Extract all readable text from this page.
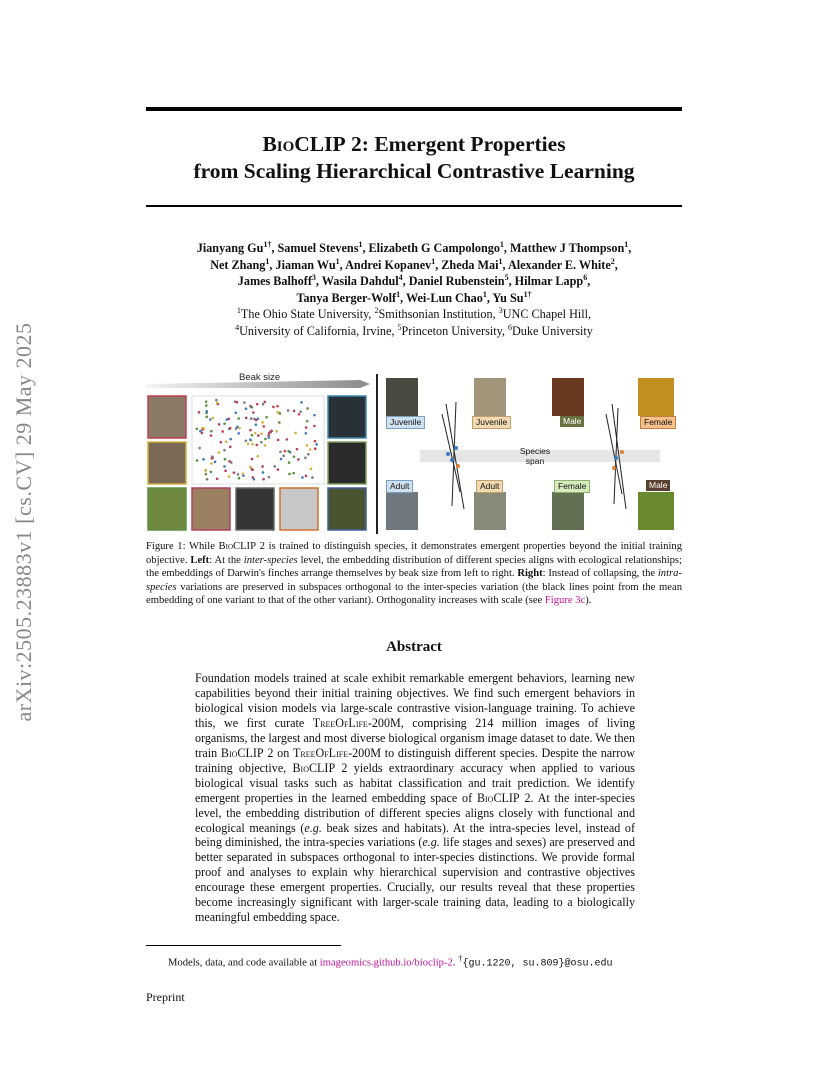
arXiv:2505.23883v1 [cs.CV] 29 May 2025
BioCLIP 2: Emergent Properties
from Scaling Hierarchical Contrastive Learning
Jianyang $Gu^{1\dagger}$, Samuel Stevens$^1$, Elizabeth G Campolongo$^1$, Matthew J Thompson$^1$,
Net Zhang$^1$, Jiaman Wu$^1$, Andrei Kopanev$^1$, Zheda Mai$^1$, Alexander E. White$^2$,
James Balhoff$^3$, Wasila Dahdul$^4$, Daniel Rubenstein$^5$, Hilmar Lapp$^6$,
Tanya Berger-Wolf$^1$, Wei-Lun Chao$^1$, Yu $Su^{1\dagger}$
$^1$The Ohio State University, $^2$Smithsonian Institution, $^3$UNC Chapel Hill,
$^4$University of California, Irvine, $^5$Princeton University, $^6$Duke University
Beak size
Juvenile	Juvenile	Male	Female
Adult	Adult	Female	Male
Species span
Figure 1: While BioCLIP 2 is trained to distinguish species, it demonstrates emergent properties beyond the initial training objective. Left: At the inter-species level, the embedding distribution of different species aligns with ecological relationships; the embeddings of Darwin's finches arrange themselves by beak size from left to right. Right: Instead of collapsing, the intra-species variations are preserved in subspaces orthogonal to the inter-species variation (the black lines point from the mean embedding of one variant to that of the other variant). Orthogonality increases with scale (see Figure 3c).
Abstract
Foundation models trained at scale exhibit remarkable emergent behaviors, learning new capabilities beyond their initial training objectives. We find such emergent behaviors in biological vision models via large-scale contrastive vision-language training. To achieve this, we first curate TreeOfLife-200M, comprising 214 million images of living organisms, the largest and most diverse biological organism image dataset to date. We then train BioCLIP 2 on TreeOfLife-200M to distinguish different species. Despite the narrow training objective, BioCLIP 2 yields extraordinary accuracy when applied to various biological visual tasks such as habitat classification and trait prediction. We identify emergent properties in the learned embedding space of BioCLIP 2. At the inter-species level, the embedding distribution of different species aligns closely with functional and ecological meanings (e.g. beak sizes and habitats). At the intra-species level, instead of being diminished, the intra-species variations (e.g. life stages and sexes) are preserved and better separated in subspaces orthogonal to inter-species distinctions. We provide formal proof and analyses to explain why hierarchical supervision and contrastive objectives encourage these emergent properties. Crucially, our results reveal that these properties become increasingly significant with larger-scale training data, leading to a biologically meaningful embedding space.
Models, data, and code available at imageomics.github.io/bioclip-2. †{gu.1220, su.809}@osu.edu
Preprint
